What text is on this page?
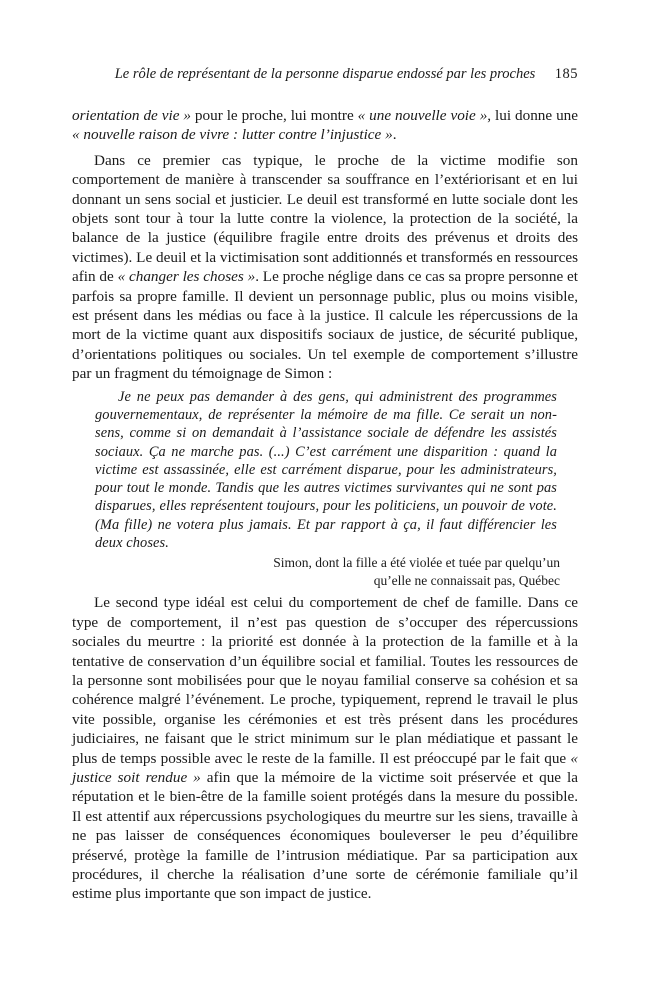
Le rôle de représentant de la personne disparue endossé par les proches 185

orientation de vie » pour le proche, lui montre « une nouvelle voie », lui donne une « nouvelle raison de vivre : lutter contre l’injustice ».

Dans ce premier cas typique, le proche de la victime modifie son comportement de manière à transcender sa souffrance en l’extériorisant et en lui donnant un sens social et justicier. Le deuil est transformé en lutte sociale dont les objets sont tour à tour la lutte contre la violence, la protection de la société, la balance de la justice (équilibre fragile entre droits des prévenus et droits des victimes). Le deuil et la victimisation sont additionnés et transformés en ressources afin de « changer les choses ». Le proche néglige dans ce cas sa propre personne et parfois sa propre famille. Il devient un personnage public, plus ou moins visible, est présent dans les médias ou face à la justice. Il calcule les répercussions de la mort de la victime quant aux dispositifs sociaux de justice, de sécurité publique, d’orientations politiques ou sociales. Un tel exemple de comportement s’illustre par un fragment du témoignage de Simon :

Je ne peux pas demander à des gens, qui administrent des programmes gouvernementaux, de représenter la mémoire de ma fille. Ce serait un non-sens, comme si on demandait à l’assistance sociale de défendre les assistés sociaux. Ça ne marche pas. (...) C’est carrément une disparition : quand la victime est assassinée, elle est carrément disparue, pour les administrateurs, pour tout le monde. Tandis que les autres victimes survivantes qui ne sont pas disparues, elles représentent toujours, pour les politiciens, un pouvoir de vote. (Ma fille) ne votera plus jamais. Et par rapport à ça, il faut différencier les deux choses.

Simon, dont la fille a été violée et tuée par quelqu’un
qu’elle ne connaissait pas, Québec

Le second type idéal est celui du comportement de chef de famille. Dans ce type de comportement, il n’est pas question de s’occuper des répercussions sociales du meurtre : la priorité est donnée à la protection de la famille et à la tentative de conservation d’un équilibre social et familial. Toutes les ressources de la personne sont mobilisées pour que le noyau familial conserve sa cohésion et sa cohérence malgré l’événement. Le proche, typiquement, reprend le travail le plus vite possible, organise les cérémonies et est très présent dans les procédures judiciaires, ne faisant que le strict minimum sur le plan médiatique et passant le plus de temps possible avec le reste de la famille. Il est préoccupé par le fait que « justice soit rendue » afin que la mémoire de la victime soit préservée et que la réputation et le bien-être de la famille soient protégés dans la mesure du possible. Il est attentif aux répercussions psychologiques du meurtre sur les siens, travaille à ne pas laisser de conséquences économiques bouleverser le peu d’équilibre préservé, protège la famille de l’intrusion médiatique. Par sa participation aux procédures, il cherche la réalisation d’une sorte de cérémonie familiale qu’il estime plus importante que son impact de justice.
